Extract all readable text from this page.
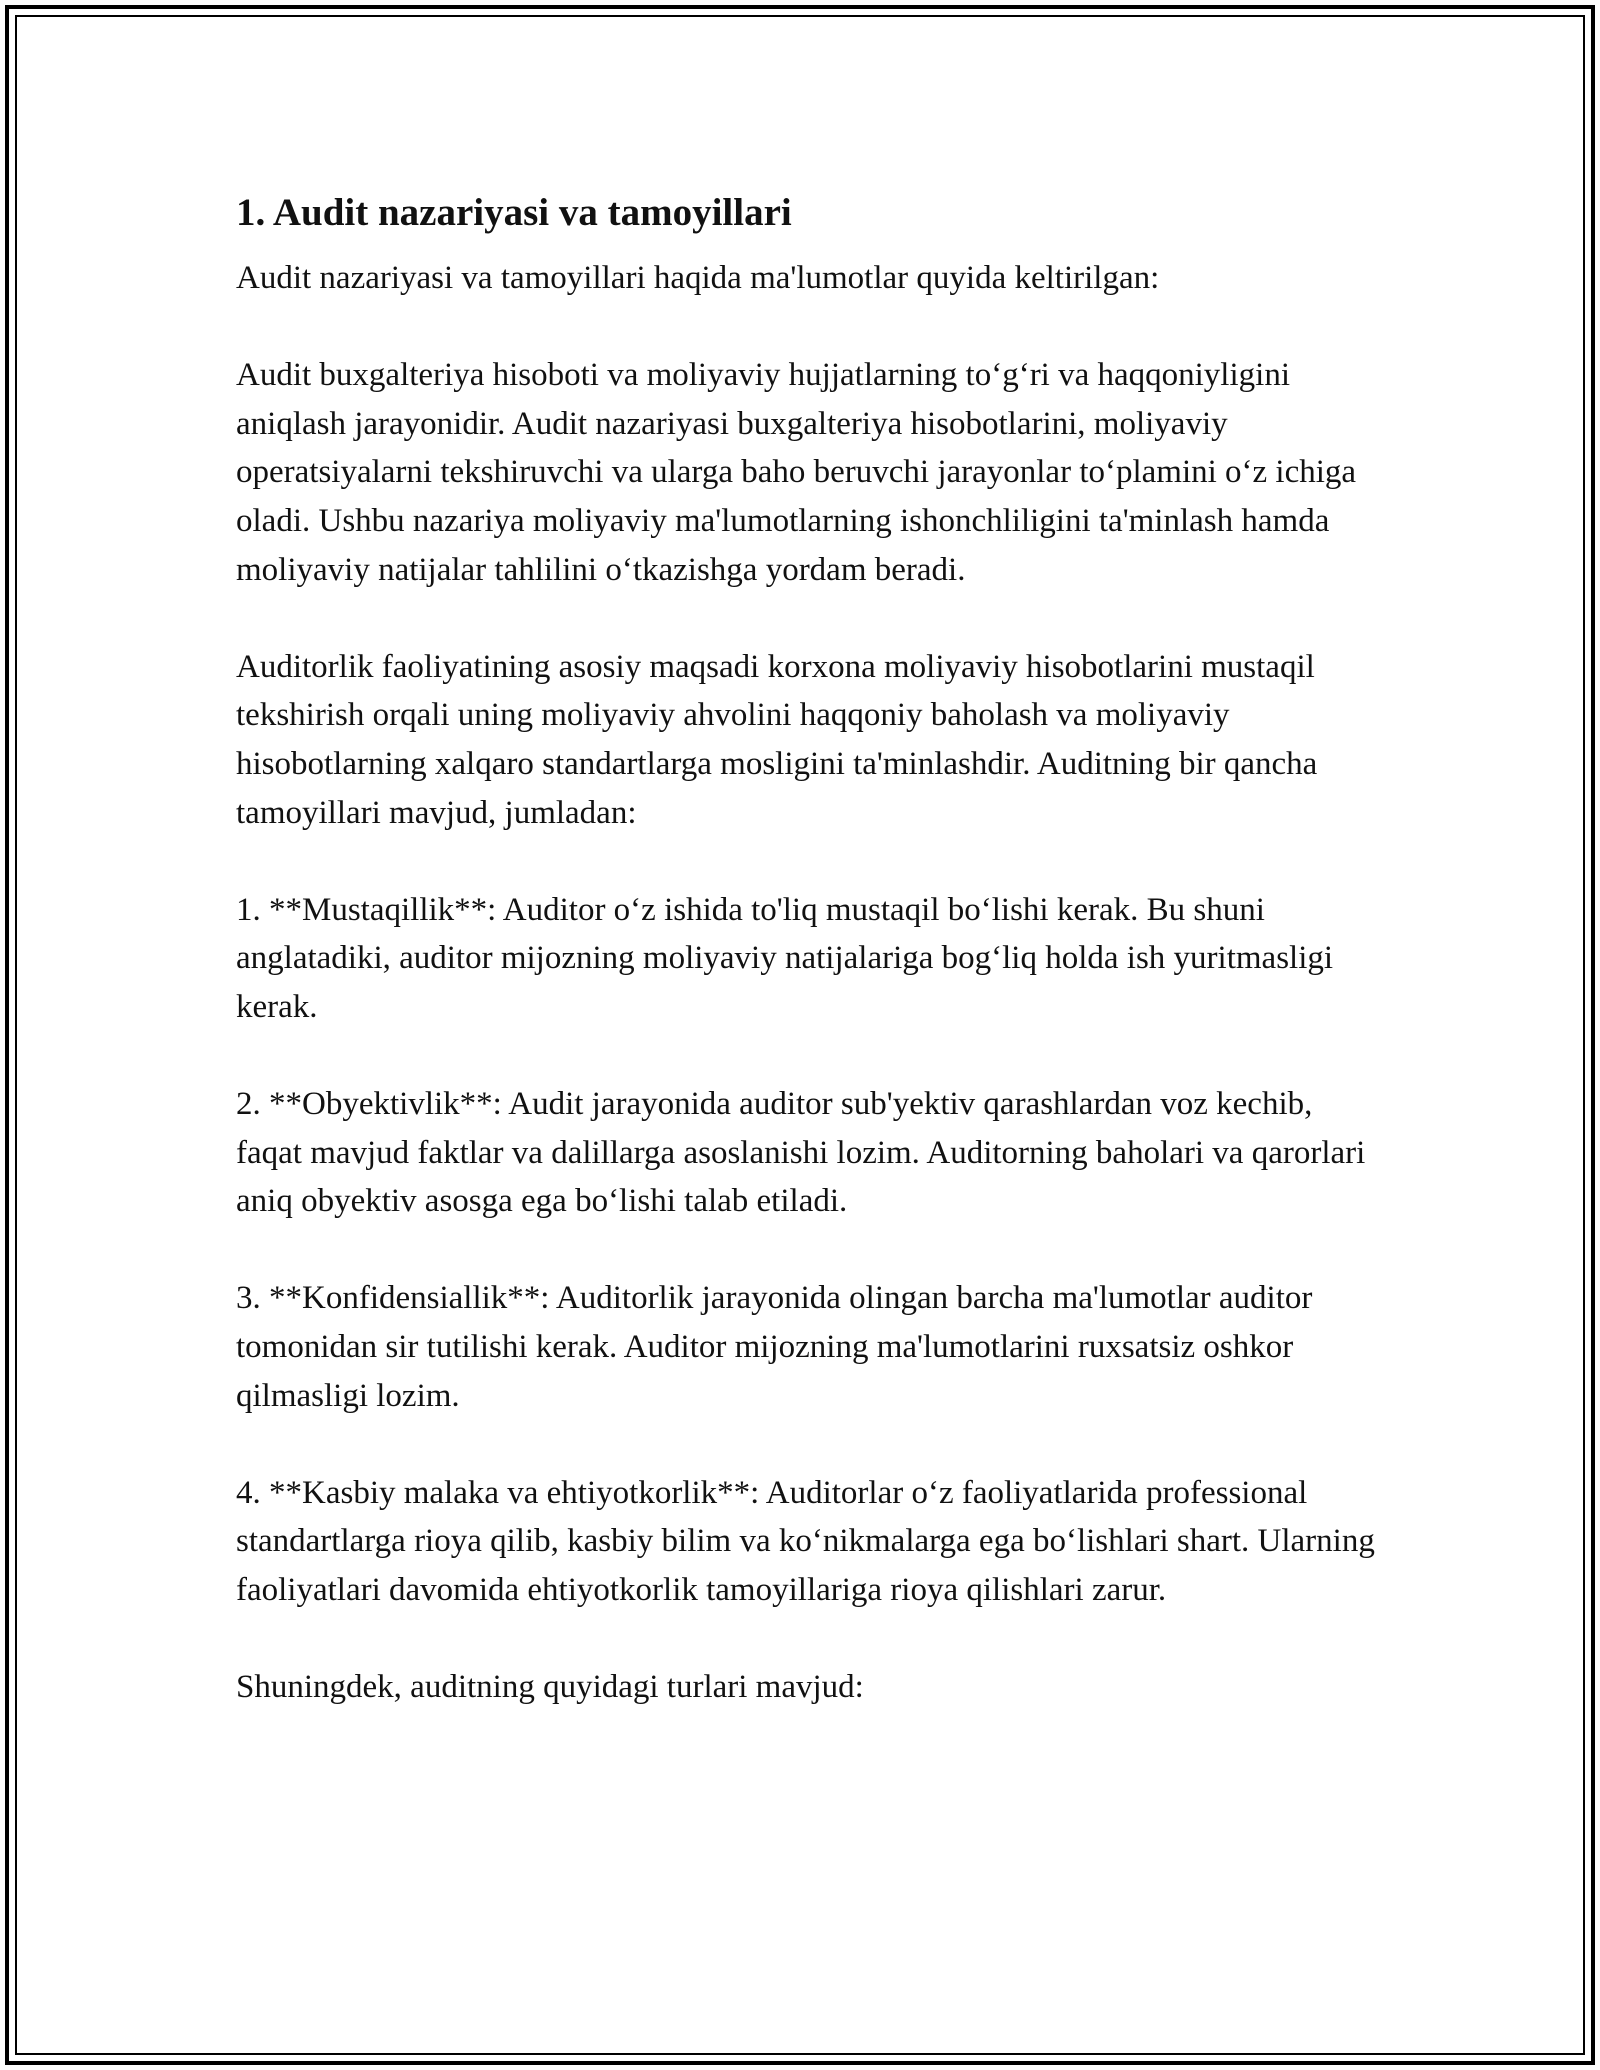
1. Audit nazariyasi va tamoyillari

Audit nazariyasi va tamoyillari haqida ma'lumotlar quyida keltirilgan:

Audit buxgalteriya hisoboti va moliyaviy hujjatlarning to‘g‘ri va haqqoniyligini aniqlash jarayonidir. Audit nazariyasi buxgalteriya hisobotlarini, moliyaviy operatsiyalarni tekshiruvchi va ularga baho beruvchi jarayonlar to‘plamini o‘z ichiga oladi. Ushbu nazariya moliyaviy ma'lumotlarning ishonchliligini ta'minlash hamda moliyaviy natijalar tahlilini o‘tkazishga yordam beradi.

Auditorlik faoliyatining asosiy maqsadi korxona moliyaviy hisobotlarini mustaqil tekshirish orqali uning moliyaviy ahvolini haqqoniy baholash va moliyaviy hisobotlarning xalqaro standartlarga mosligini ta'minlashdir. Auditning bir qancha tamoyillari mavjud, jumladan:

1. **Mustaqillik**: Auditor o‘z ishida to'liq mustaqil bo‘lishi kerak. Bu shuni anglatadiki, auditor mijozning moliyaviy natijalariga bog‘liq holda ish yuritmasligi kerak.

2. **Obyektivlik**: Audit jarayonida auditor sub'yektiv qarashlardan voz kechib, faqat mavjud faktlar va dalillarga asoslanishi lozim. Auditorning baholari va qarorlari aniq obyektiv asosga ega bo‘lishi talab etiladi.

3. **Konfidensiallik**: Auditorlik jarayonida olingan barcha ma'lumotlar auditor tomonidan sir tutilishi kerak. Auditor mijozning ma'lumotlarini ruxsatsiz oshkor qilmasligi lozim.

4. **Kasbiy malaka va ehtiyotkorlik**: Auditorlar o‘z faoliyatlarida professional standartlarga rioya qilib, kasbiy bilim va ko‘nikmalarga ega bo‘lishlari shart. Ularning faoliyatlari davomida ehtiyotkorlik tamoyillariga rioya qilishlari zarur.

Shuningdek, auditning quyidagi turlari mavjud:
